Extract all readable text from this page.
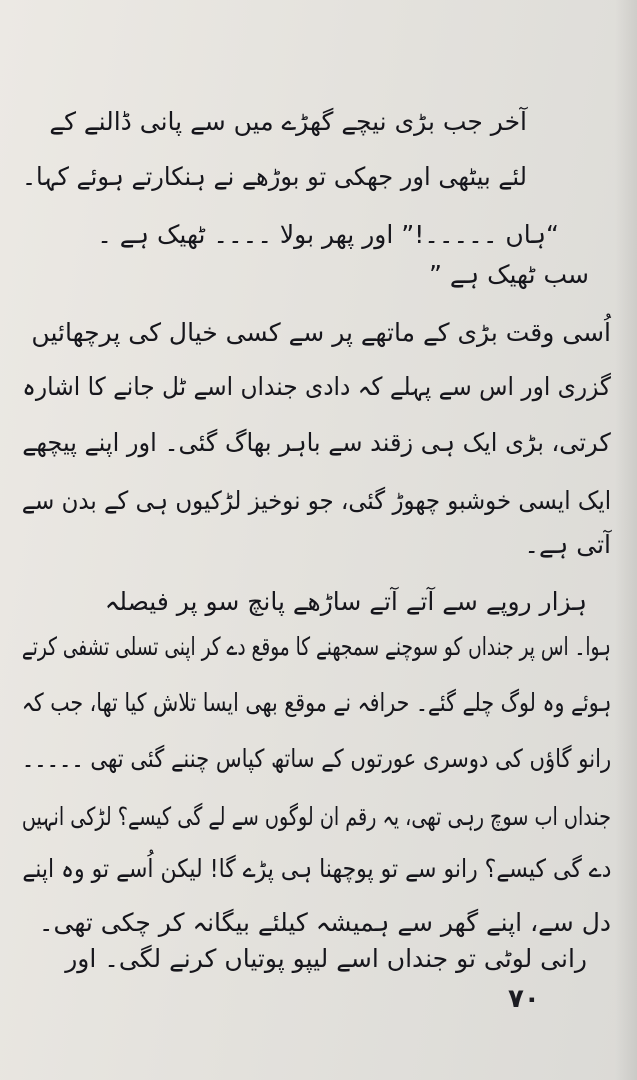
آخر جب بڑی نیچے گھڑے میں سے پانی ڈالنے کے
لئے بیٹھی اور جھکی تو بوڑھے نے ہنکارتے ہوئے کہا۔
“ہاں ۔۔۔۔۔!” اور پھر بولا ۔۔۔۔ ٹھیک ہے ۔
سب ٹھیک ہے ”
اُسی وقت بڑی کے ماتھے پر سے کسی خیال کی پرچھائیں
گزری اور اس سے پہلے کہ دادی جنداں اسے ٹل جانے کا اشارہ
کرتی، بڑی ایک ہی زقند سے باہر بھاگ گئی۔ اور اپنے پیچھے
ایک ایسی خوشبو چھوڑ گئی، جو نوخیز لڑکیوں ہی کے بدن سے
آتی ہے۔
ہزار روپے سے آتے آتے ساڑھے پانچ سو پر فیصلہ
ہوا۔ اس پر جنداں کو سوچنے سمجھنے کا موقع دے کر اپنی تسلی تشفی کرتے
ہوئے وہ لوگ چلے گئے۔ حرافہ نے موقع بھی ایسا تلاش کیا تھا، جب کہ
رانو گاؤں کی دوسری عورتوں کے ساتھ کپاس چننے گئی تھی ۔۔۔۔۔
جنداں اب سوچ رہی تھی، یہ رقم ان لوگوں سے لے گی کیسے؟ لڑکی انہیں
دے گی کیسے؟ رانو سے تو پوچھنا ہی پڑے گا! لیکن اُسے تو وہ اپنے
دل سے، اپنے گھر سے ہمیشہ کیلئے بیگانہ کر چکی تھی۔
رانی لوٹی تو جنداں اسے لیپو پوتیاں کرنے لگی۔ اور
۷۰
